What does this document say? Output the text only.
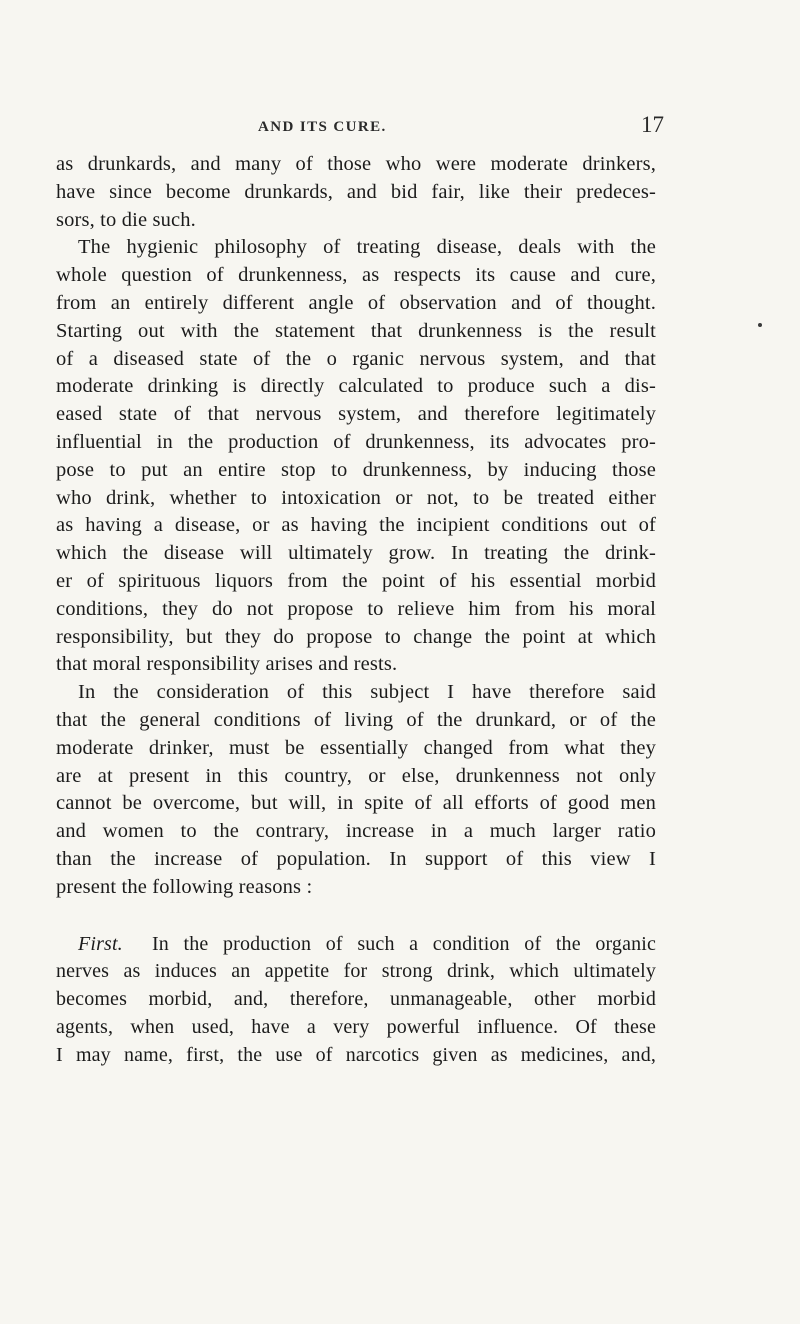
AND ITS CURE.	17
as drunkards, and many of those who were moderate drinkers,
have since become drunkards, and bid fair, like their predeces-
sors, to die such.
The hygienic philosophy of treating disease, deals with the
whole question of drunkenness, as respects its cause and cure,
from an entirely different angle of observation and of thought.
Starting out with the statement that drunkenness is the result
of a diseased state of the o rganic nervous system, and that
moderate drinking is directly calculated to produce such a dis-
eased state of that nervous system, and therefore legitimately
influential in the production of drunkenness, its advocates pro-
pose to put an entire stop to drunkenness, by inducing those
who drink, whether to intoxication or not, to be treated either
as having a disease, or as having the incipient conditions out of
which the disease will ultimately grow. In treating the drink-
er of spirituous liquors from the point of his essential morbid
conditions, they do not propose to relieve him from his moral
responsibility, but they do propose to change the point at which
that moral responsibility arises and rests.
In the consideration of this subject I have therefore said
that the general conditions of living of the drunkard, or of the
moderate drinker, must be essentially changed from what they
are at present in this country, or else, drunkenness not only
cannot be overcome, but will, in spite of all efforts of good men
and women to the contrary, increase in a much larger ratio
than the increase of population. In support of this view I
present the following reasons :
First. In the production of such a condition of the organic
nerves as induces an appetite for strong drink, which ultimately
becomes morbid, and, therefore, unmanageable, other morbid
agents, when used, have a very powerful influence. Of these
I may name, first, the use of narcotics given as medicines, and,
